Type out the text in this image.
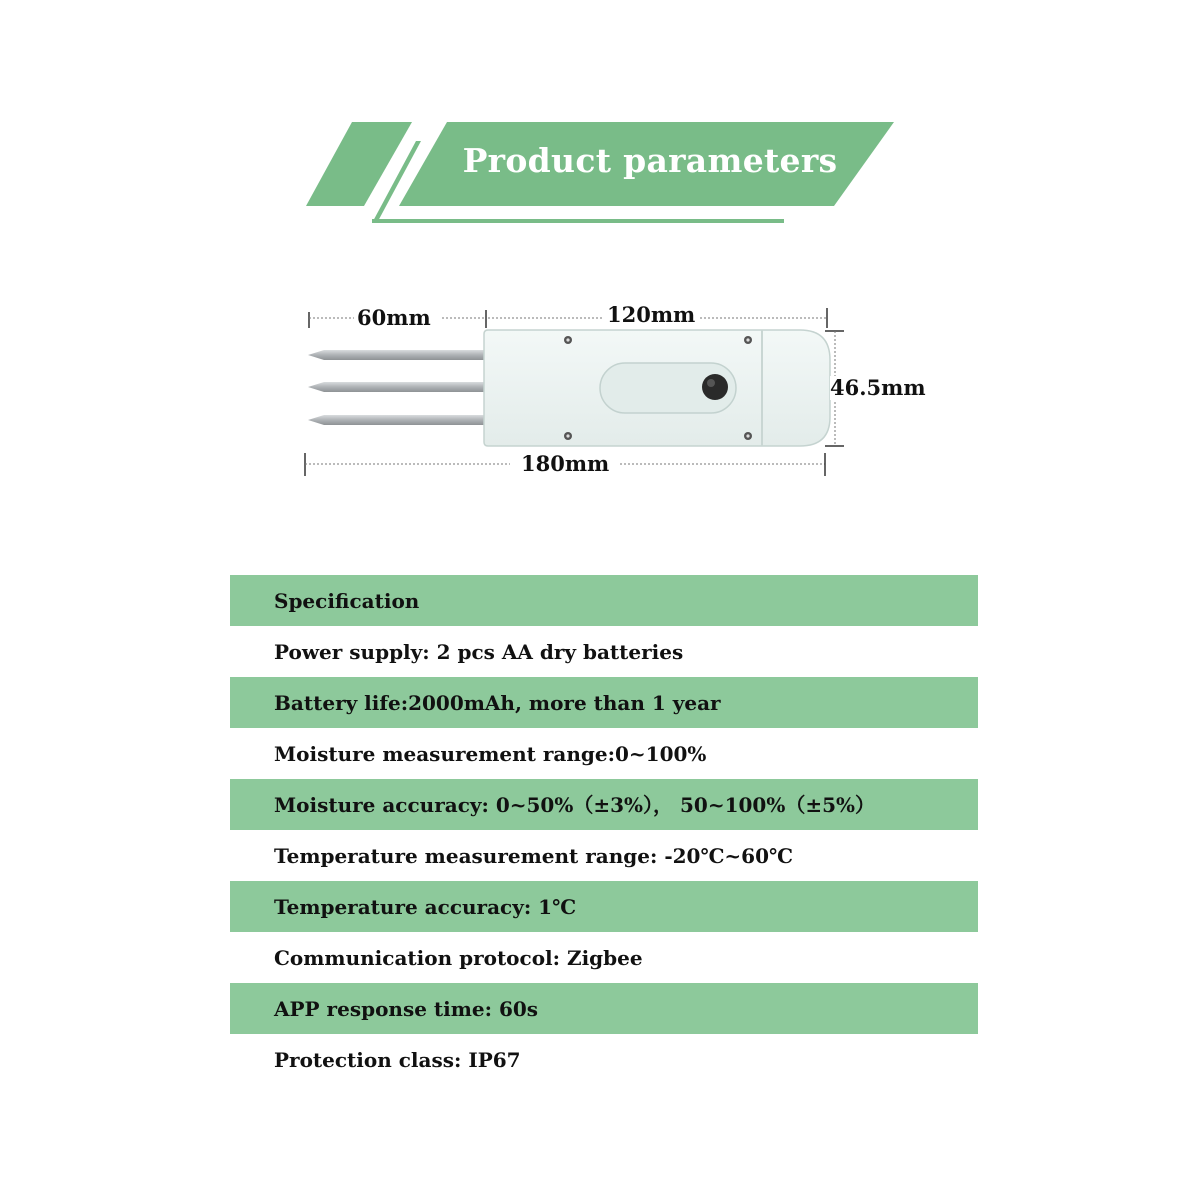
Product parameters
60mm	120mm
180mm
46.5mm
Specification
Power supply: 2 pcs AA dry batteries
Battery life:2000mAh, more than 1 year
Moisture measurement range:0~100%
Moisture accuracy: 0~50%（±3%）， 50~100%（±5%）
Temperature measurement range: -20℃~60℃
Temperature accuracy: 1℃
Communication protocol: Zigbee
APP response time: 60s
Protection class: IP67
